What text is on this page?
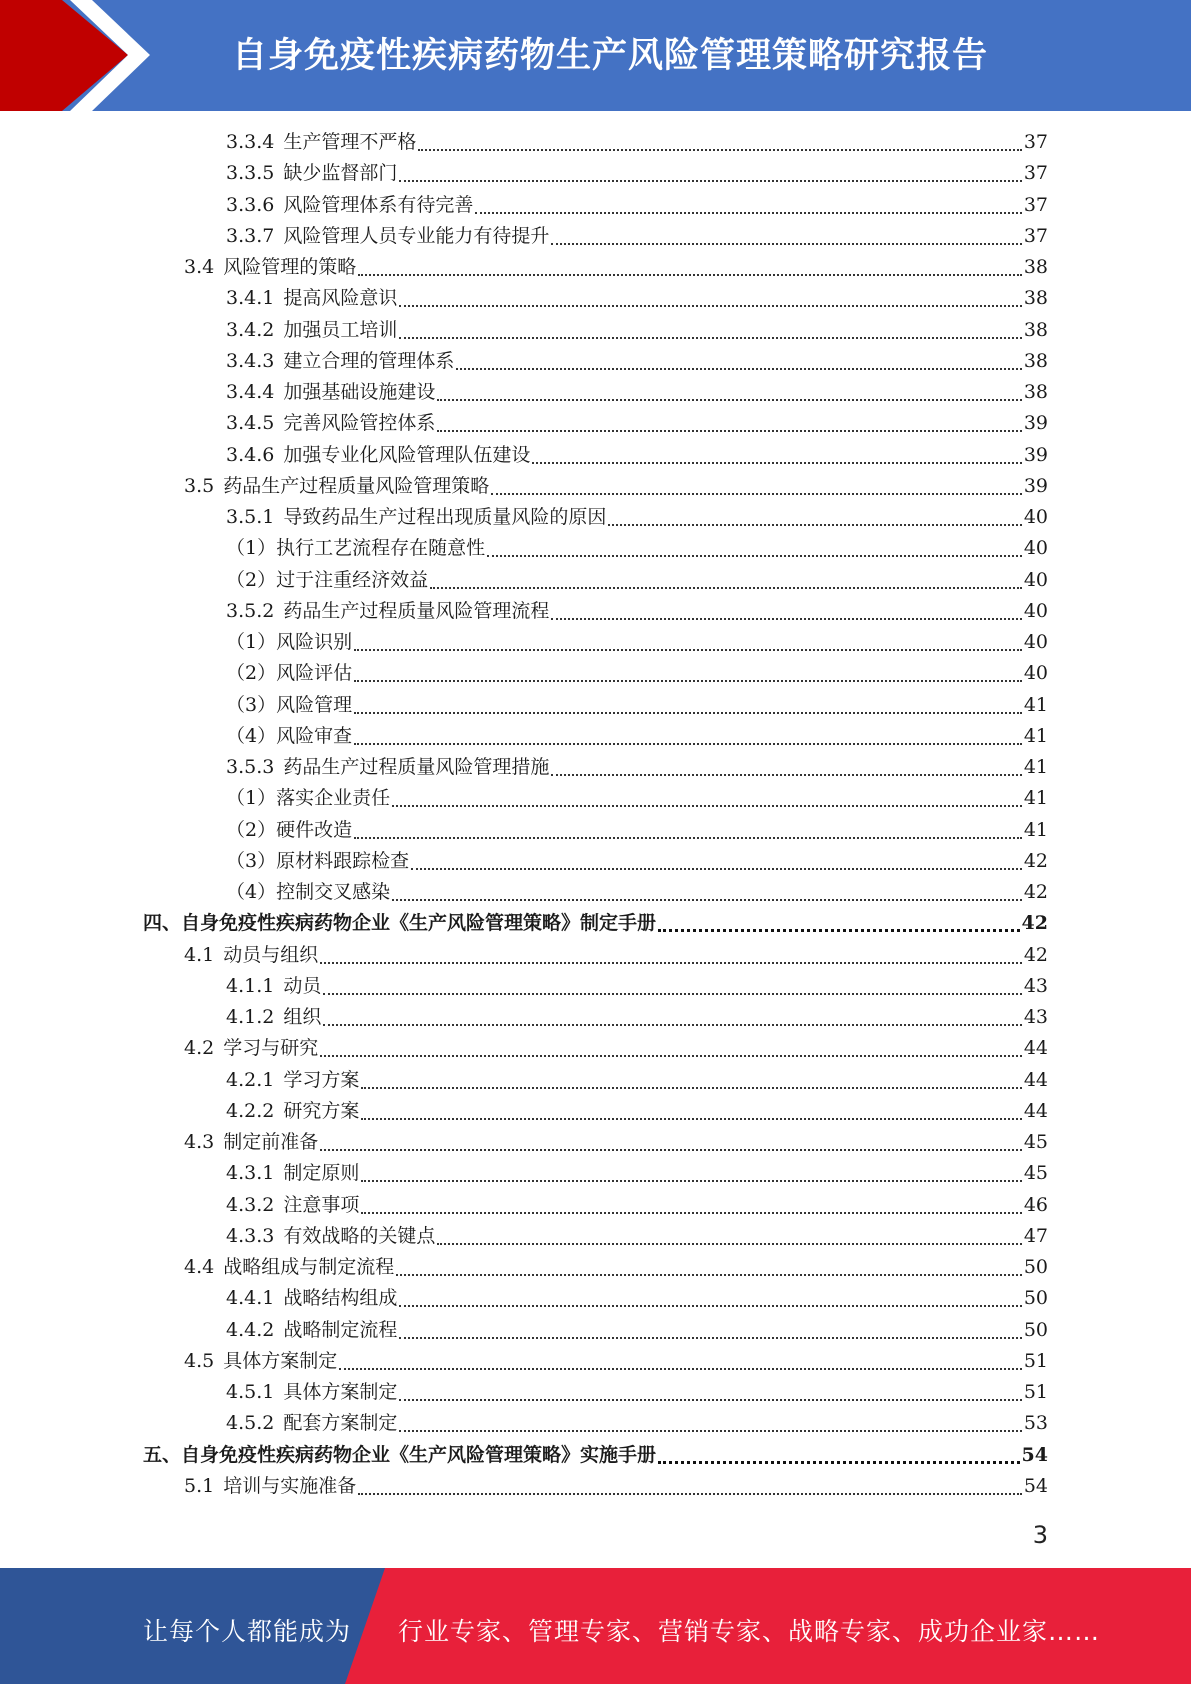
自身免疫性疾病药物生产风险管理策略研究报告
3.3.4 生产管理不严格	37
3.3.5 缺少监督部门	37
3.3.6 风险管理体系有待完善	37
3.3.7 风险管理人员专业能力有待提升	37
3.4 风险管理的策略	38
3.4.1 提高风险意识	38
3.4.2 加强员工培训	38
3.4.3 建立合理的管理体系	38
3.4.4 加强基础设施建设	38
3.4.5 完善风险管控体系	39
3.4.6 加强专业化风险管理队伍建设	39
3.5 药品生产过程质量风险管理策略	39
3.5.1 导致药品生产过程出现质量风险的原因	40
（1）执行工艺流程存在随意性	40
（2）过于注重经济效益	40
3.5.2 药品生产过程质量风险管理流程	40
（1）风险识别	40
（2）风险评估	40
（3）风险管理	41
（4）风险审查	41
3.5.3 药品生产过程质量风险管理措施	41
（1）落实企业责任	41
（2）硬件改造	41
（3）原材料跟踪检查	42
（4）控制交叉感染	42
四、自身免疫性疾病药物企业《生产风险管理策略》制定手册	42
4.1 动员与组织	42
4.1.1 动员	43
4.1.2 组织	43
4.2 学习与研究	44
4.2.1 学习方案	44
4.2.2 研究方案	44
4.3 制定前准备	45
4.3.1 制定原则	45
4.3.2 注意事项	46
4.3.3 有效战略的关键点	47
4.4 战略组成与制定流程	50
4.4.1 战略结构组成	50
4.4.2 战略制定流程	50
4.5 具体方案制定	51
4.5.1 具体方案制定	51
4.5.2 配套方案制定	53
五、自身免疫性疾病药物企业《生产风险管理策略》实施手册	54
5.1 培训与实施准备	54
3
让每个人都能成为 行业专家、管理专家、营销专家、战略专家、成功企业家……
